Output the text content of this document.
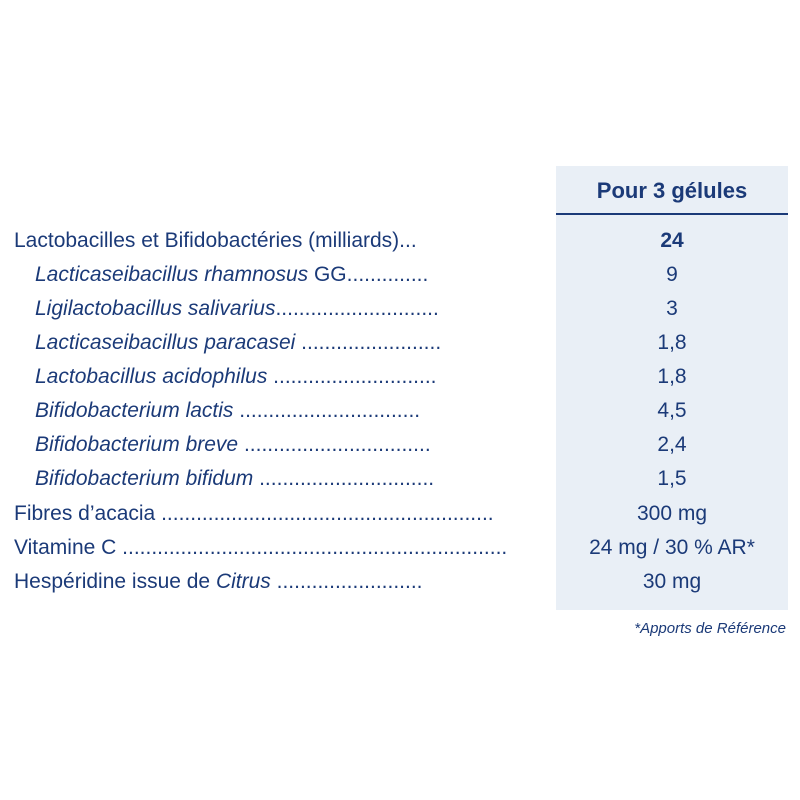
Pour 3 gélules
Lactobacilles et Bifidobactéries (milliards)...	24
Lacticaseibacillus rhamnosus GG..............	9
Ligilactobacillus salivarius............................	3
Lacticaseibacillus paracasei ........................	1,8
Lactobacillus acidophilus ............................	1,8
Bifidobacterium lactis ...............................	4,5
Bifidobacterium breve ................................	2,4
Bifidobacterium bifidum ..............................	1,5
Fibres d’acacia .........................................................	300 mg
Vitamine C ..................................................................	24 mg / 30 % AR*
Hespéridine issue de Citrus .........................	30 mg
*Apports de Référence
